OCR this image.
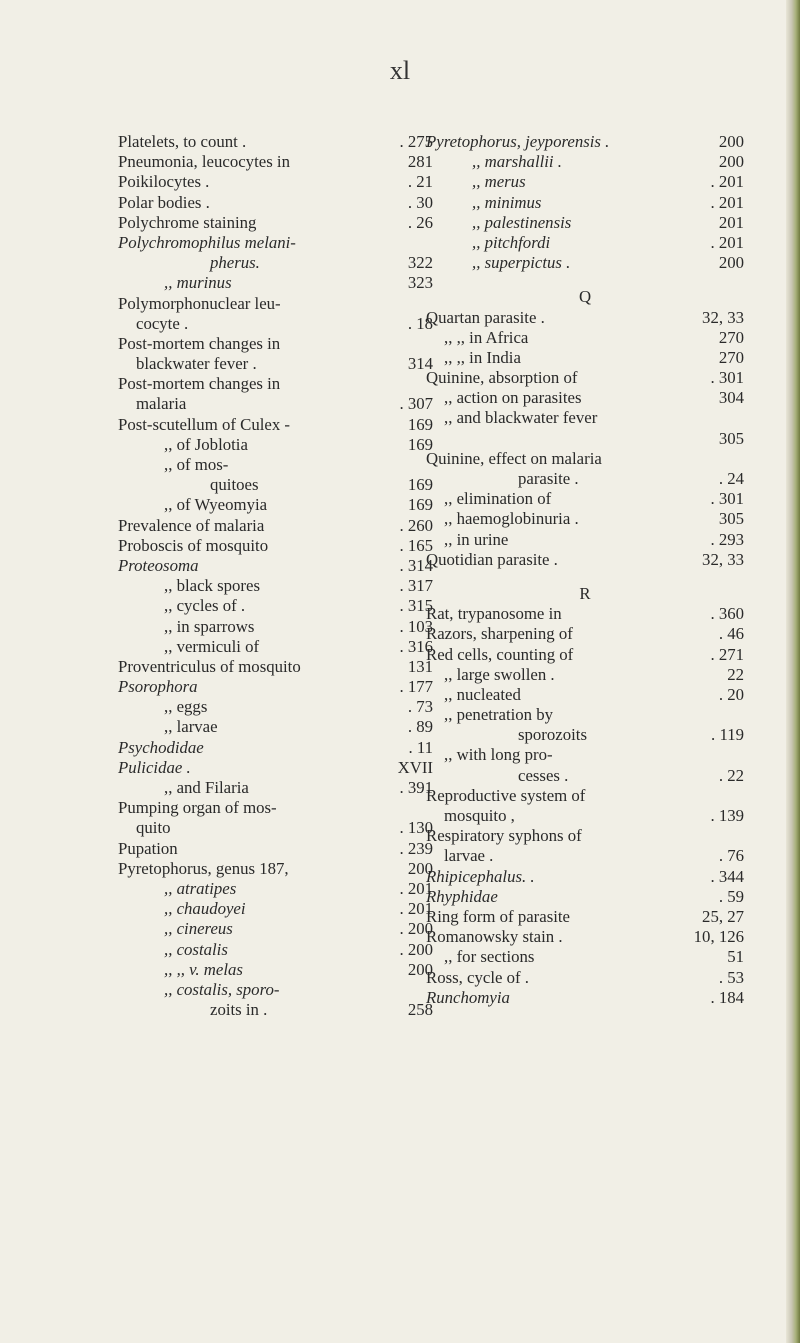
xl
Platelets, to count .	. 275
Pneumonia, leucocytes in	281
Poikilocytes .	. 21
Polar bodies .	. 30
Polychrome staining	. 26
Polychromophilus melani-
pherus.	322
,, murinus	323
Polymorphonuclear leu-
cocyte .	. 18
Post-mortem changes in
blackwater fever .	314
Post-mortem changes in
malaria	. 307
Post-scutellum of Culex -	169
,, of Joblotia	169
,, of mos-
quitoes	169
,, of Wyeomyia	169
Prevalence of malaria	. 260
Proboscis of mosquito	. 165
Proteosoma	. 314
,, black spores	. 317
,, cycles of .	. 315
,, in sparrows	. 103
,, vermiculi of	. 316
Proventriculus of mosquito	131
Psorophora	. 177
,, eggs	. 73
,, larvae	. 89
Psychodidae	. 11
Pulicidae .	XVII
,, and Filaria	. 391
Pumping organ of mos-
quito	. 130
Pupation	. 239
Pyretophorus, genus 187,	200
,, atratipes	. 201
,, chaudoyei	. 201
,, cinereus	. 200
,, costalis	. 200
,, ,, v. melas	200
,, costalis, sporo-
zoits in .	258
Pyretophorus, jeyporensis .	200
,, marshallii .	200
,, merus	. 201
,, minimus	. 201
,, palestinensis	201
,, pitchfordi	. 201
,, superpictus .	200
Q
Quartan parasite .	32, 33
,, ,, in Africa	270
,, ,, in India	270
Quinine, absorption of	. 301
,, action on parasites	304
,, and blackwater fever
305
Quinine, effect on malaria
parasite .	. 24
,, elimination of	. 301
,, haemoglobinuria .	305
,, in urine	. 293
Quotidian parasite .	32, 33
R
Rat, trypanosome in	. 360
Razors, sharpening of	. 46
Red cells, counting of	. 271
,, large swollen .	22
,, nucleated	. 20
,, penetration by
sporozoits	. 119
,, with long pro-
cesses .	. 22
Reproductive system of
mosquito ,	. 139
Respiratory syphons of
larvae .	. 76
Rhipicephalus. .	. 344
Rhyphidae	. 59
Ring form of parasite	25, 27
Romanowsky stain .	10, 126
,, for sections	51
Ross, cycle of .	. 53
Runchomyia	. 184
